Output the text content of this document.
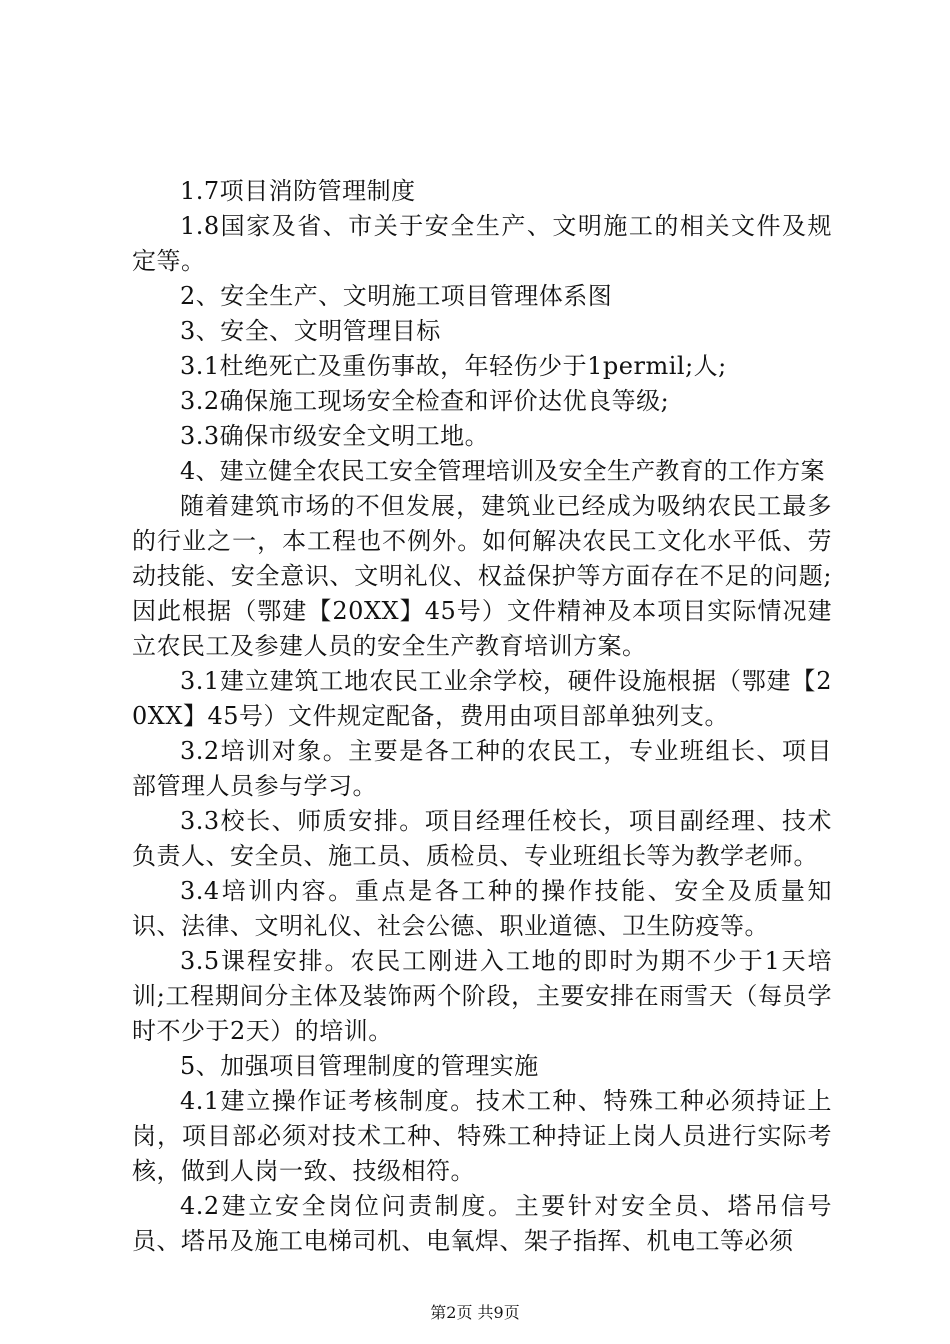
1.7项目消防管理制度

1.8国家及省、市关于安全生产、文明施工的相关文件及规定等。

2、安全生产、文明施工项目管理体系图

3、安全、文明管理目标

3.1杜绝死亡及重伤事故，年轻伤少于1permil;人;

3.2确保施工现场安全检查和评价达优良等级;

3.3确保市级安全文明工地。

4、建立健全农民工安全管理培训及安全生产教育的工作方案

随着建筑市场的不但发展，建筑业已经成为吸纳农民工最多的行业之一，本工程也不例外。如何解决农民工文化水平低、劳动技能、安全意识、文明礼仪、权益保护等方面存在不足的问题;因此根据（鄂建【20XX】45号）文件精神及本项目实际情况建立农民工及参建人员的安全生产教育培训方案。

3.1建立建筑工地农民工业余学校，硬件设施根据（鄂建【20XX】45号）文件规定配备，费用由项目部单独列支。

3.2培训对象。主要是各工种的农民工，专业班组长、项目部管理人员参与学习。

3.3校长、师质安排。项目经理任校长，项目副经理、技术负责人、安全员、施工员、质检员、专业班组长等为教学老师。

3.4培训内容。重点是各工种的操作技能、安全及质量知识、法律、文明礼仪、社会公德、职业道德、卫生防疫等。

3.5课程安排。农民工刚进入工地的即时为期不少于1天培训;工程期间分主体及装饰两个阶段，主要安排在雨雪天（每员学时不少于2天）的培训。

5、加强项目管理制度的管理实施

4.1建立操作证考核制度。技术工种、特殊工种必须持证上岗，项目部必须对技术工种、特殊工种持证上岗人员进行实际考核，做到人岗一致、技级相符。

4.2建立安全岗位问责制度。主要针对安全员、塔吊信号员、塔吊及施工电梯司机、电氧焊、架子指挥、机电工等必须

第2页 共9页
